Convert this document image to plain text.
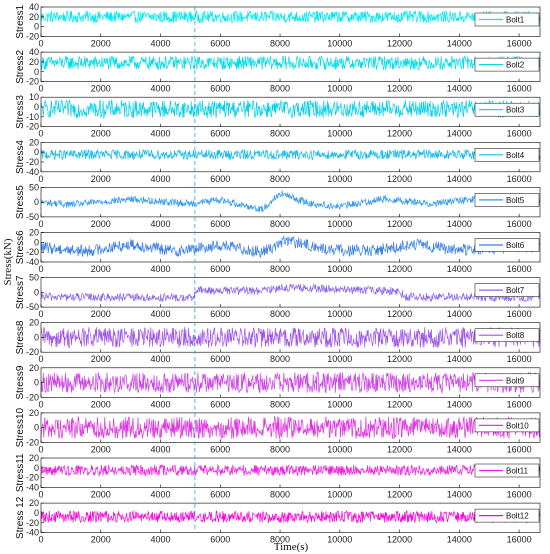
-20
0
20
40
0	2000	4000	6000	8000	10000	12000	14000	16000
Stress1	Bolt1
-20
0
20
40
0	2000	4000	6000	8000	10000	12000	14000	16000
Stress2	Bolt2
-20
-10
0
10
0	2000	4000	6000	8000	10000	12000	14000	16000
Stress3	Bolt3
-40
-20
0
20
0	2000	4000	6000	8000	10000	12000	14000	16000
Stress4	Bolt4
-50
0
50
0	2000	4000	6000	8000	10000	12000	14000	16000
Stress5	Bolt5
-40
-20
0
20
0	2000	4000	6000	8000	10000	12000	14000	16000
Stress6	Bolt6
-50
0
50
0	2000	4000	6000	8000	10000	12000	14000	16000
Stress7	Bolt7
-20
0
20
0	2000	4000	6000	8000	10000	12000	14000	16000
Stress8	Bolt8
-20
0
20
0	2000	4000	6000	8000	10000	12000	14000	16000
Stress9	Bolt9
-20
0
20
0	2000	4000	6000	8000	10000	12000	14000	16000
Stress10	Bolt10
-40
-20
0
20
0	2000	4000	6000	8000	10000	12000	14000	16000
Stress11	Bolt11
-40
-20
0
20
0	2000	4000	6000	8000	10000	12000	14000	16000
Stress 12	Bolt12
Stress(kN)
Time(s)
